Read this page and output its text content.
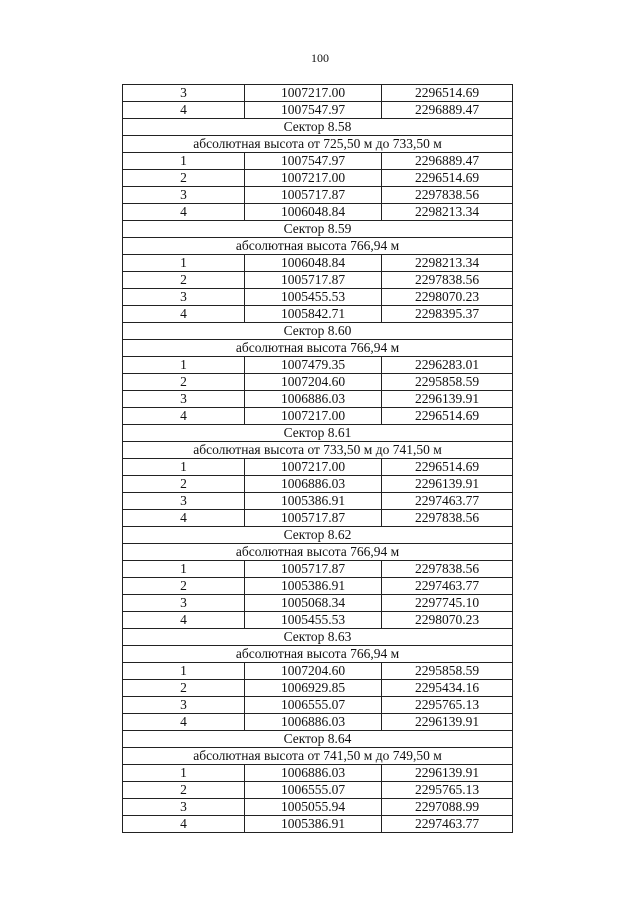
100
3	1007217.00	2296514.69
4	1007547.97	2296889.47
Сектор 8.58		
абсолютная высота от 725,50 м до 733,50 м		
1	1007547.97	2296889.47
2	1007217.00	2296514.69
3	1005717.87	2297838.56
4	1006048.84	2298213.34
Сектор 8.59		
абсолютная высота 766,94 м		
1	1006048.84	2298213.34
2	1005717.87	2297838.56
3	1005455.53	2298070.23
4	1005842.71	2298395.37
Сектор 8.60		
абсолютная высота 766,94 м		
1	1007479.35	2296283.01
2	1007204.60	2295858.59
3	1006886.03	2296139.91
4	1007217.00	2296514.69
Сектор 8.61		
абсолютная высота от 733,50 м до 741,50 м		
1	1007217.00	2296514.69
2	1006886.03	2296139.91
3	1005386.91	2297463.77
4	1005717.87	2297838.56
Сектор 8.62		
абсолютная высота 766,94 м		
1	1005717.87	2297838.56
2	1005386.91	2297463.77
3	1005068.34	2297745.10
4	1005455.53	2298070.23
Сектор 8.63		
абсолютная высота 766,94 м		
1	1007204.60	2295858.59
2	1006929.85	2295434.16
3	1006555.07	2295765.13
4	1006886.03	2296139.91
Сектор 8.64		
абсолютная высота от 741,50 м до 749,50 м		
1	1006886.03	2296139.91
2	1006555.07	2295765.13
3	1005055.94	2297088.99
4	1005386.91	2297463.77
